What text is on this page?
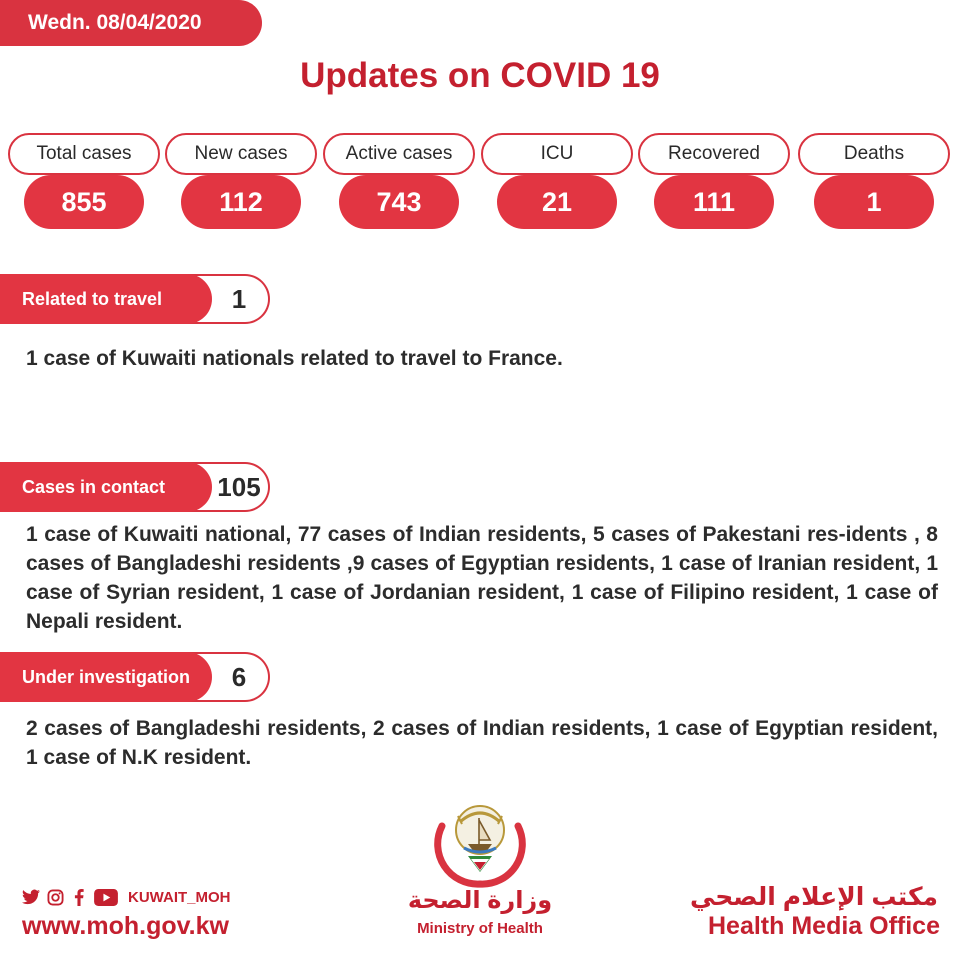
Wedn. 08/04/2020
Updates on COVID 19
Total cases
855
New cases
112
Active cases
743
ICU
21
Recovered
111
Deaths
1
Related to travel	1
1 case of Kuwaiti nationals related to travel to France.
Cases in contact	105
1 case of Kuwaiti national, 77 cases of Indian residents, 5 cases of Pakestani res-idents , 8 cases of Bangladeshi residents ,9 cases of Egyptian residents, 1 case of Iranian resident, 1 case of Syrian resident, 1 case of Jordanian resident, 1 case of Filipino resident, 1 case of Nepali resident.
Under investigation	6
2 cases of Bangladeshi residents, 2 cases of Indian residents, 1 case of Egyptian resident, 1 case of N.K resident.
KUWAIT_MOH
www.moh.gov.kw
وزارة الصحة
Ministry of Health
مكتب الإعلام الصحي
Health Media Office
